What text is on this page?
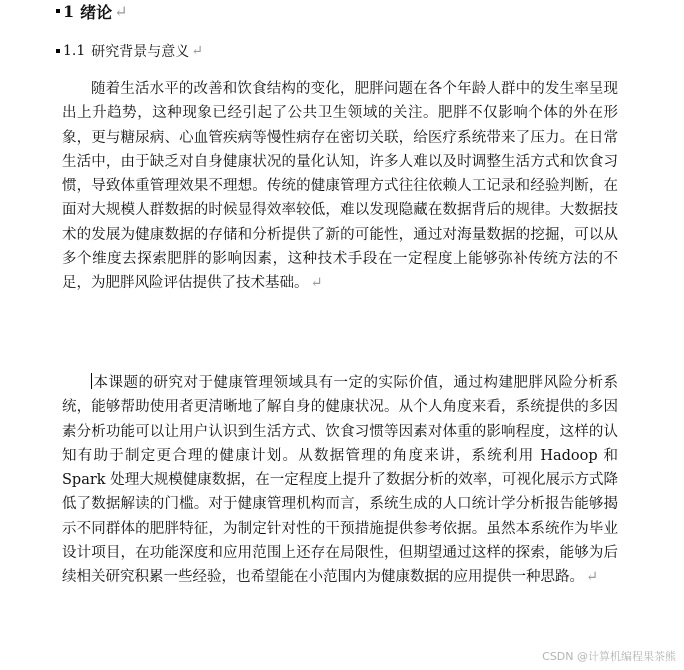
1 绪论 ↵
1.1 研究背景与意义 ↵

随着生活水平的改善和饮食结构的变化，肥胖问题在各个年龄人群中的发生率呈现出上升趋势，这种现象已经引起了公共卫生领域的关注。肥胖不仅影响个体的外在形象，更与糖尿病、心血管疾病等慢性病存在密切关联，给医疗系统带来了压力。在日常生活中，由于缺乏对自身健康状况的量化认知，许多人难以及时调整生活方式和饮食习惯，导致体重管理效果不理想。传统的健康管理方式往往依赖人工记录和经验判断，在面对大规模人群数据的时候显得效率较低，难以发现隐藏在数据背后的规律。大数据技术的发展为健康数据的存储和分析提供了新的可能性，通过对海量数据的挖掘，可以从多个维度去探索肥胖的影响因素，这种技术手段在一定程度上能够弥补传统方法的不足，为肥胖风险评估提供了技术基础。 ↵

本课题的研究对于健康管理领域具有一定的实际价值，通过构建肥胖风险分析系统，能够帮助使用者更清晰地了解自身的健康状况。从个人角度来看，系统提供的多因素分析功能可以让用户认识到生活方式、饮食习惯等因素对体重的影响程度，这样的认知有助于制定更合理的健康计划。从数据管理的角度来讲，系统利用 Hadoop 和 Spark 处理大规模健康数据，在一定程度上提升了数据分析的效率，可视化展示方式降低了数据解读的门槛。对于健康管理机构而言，系统生成的人口统计学分析报告能够揭示不同群体的肥胖特征，为制定针对性的干预措施提供参考依据。虽然本系统作为毕业设计项目，在功能深度和应用范围上还存在局限性，但期望通过这样的探索，能够为后续相关研究积累一些经验，也希望能在小范围内为健康数据的应用提供一种思路。 ↵

CSDN @计算机编程果茶熊
